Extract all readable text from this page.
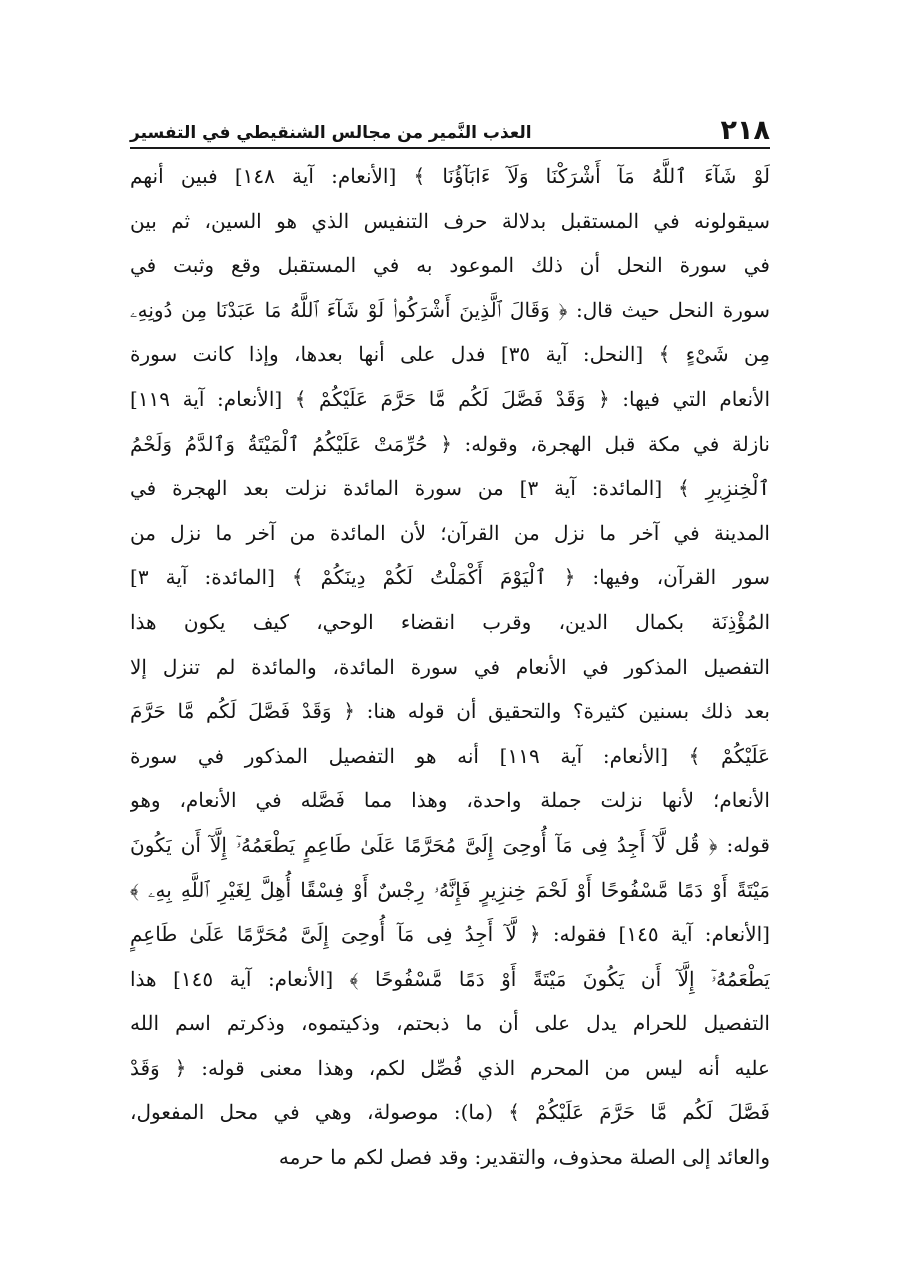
٢١٨
العذب النَّمير من مجالس الشنقيطي في التفسير
لَوْ شَآءَ ٱللَّهُ مَآ أَشْرَكْنَا وَلَآ ءَابَآؤُنَا ﴾ [الأنعام: آية ١٤٨] فبين أنهم
سيقولونه في المستقبل بدلالة حرف التنفيس الذي هو السين، ثم بين
في سورة النحل أن ذلك الموعود به في المستقبل وقع وثبت في
سورة النحل حيث قال: ﴿ وَقَالَ ٱلَّذِينَ أَشْرَكُوا۟ لَوْ شَآءَ ٱللَّهُ مَا عَبَدْنَا مِن دُونِهِۦ
مِن شَىْءٍ ﴾ [النحل: آية ٣٥] فدل على أنها بعدها، وإذا كانت سورة
الأنعام التي فيها: ﴿ وَقَدْ فَصَّلَ لَكُم مَّا حَرَّمَ عَلَيْكُمْ ﴾ [الأنعام: آية ١١٩]
نازلة في مكة قبل الهجرة، وقوله: ﴿ حُرِّمَتْ عَلَيْكُمُ ٱلْمَيْتَةُ وَٱلدَّمُ وَلَحْمُ
ٱلْخِنزِيرِ ﴾ [المائدة: آية ٣] من سورة المائدة نزلت بعد الهجرة في
المدينة في آخر ما نزل من القرآن؛ لأن المائدة من آخر ما نزل من
سور القرآن، وفيها: ﴿ ٱلْيَوْمَ أَكْمَلْتُ لَكُمْ دِينَكُمْ ﴾ [المائدة: آية ٣]
المُؤْذِنَة بكمال الدين، وقرب انقضاء الوحي، كيف يكون هذا
التفصيل المذكور في الأنعام في سورة المائدة، والمائدة لم تنزل إلا
بعد ذلك بسنين كثيرة؟ والتحقيق أن قوله هنا: ﴿ وَقَدْ فَصَّلَ لَكُم مَّا حَرَّمَ
عَلَيْكُمْ ﴾ [الأنعام: آية ١١٩] أنه هو التفصيل المذكور في سورة
الأنعام؛ لأنها نزلت جملة واحدة، وهذا مما فَصَّله في الأنعام، وهو
قوله: ﴿ قُل لَّآ أَجِدُ فِى مَآ أُوحِىَ إِلَىَّ مُحَرَّمًا عَلَىٰ طَاعِمٍ يَطْعَمُهُۥٓ إِلَّآ أَن يَكُونَ
مَيْتَةً أَوْ دَمًا مَّسْفُوحًا أَوْ لَحْمَ خِنزِيرٍ فَإِنَّهُۥ رِجْسٌ أَوْ فِسْقًا أُهِلَّ لِغَيْرِ ٱللَّهِ بِهِۦ ﴾
[الأنعام: آية ١٤٥] فقوله: ﴿ لَّآ أَجِدُ فِى مَآ أُوحِىَ إِلَىَّ مُحَرَّمًا عَلَىٰ طَاعِمٍ
يَطْعَمُهُۥٓ إِلَّآ أَن يَكُونَ مَيْتَةً أَوْ دَمًا مَّسْفُوحًا ﴾ [الأنعام: آية ١٤٥] هذا
التفصيل للحرام يدل على أن ما ذبحتم، وذكيتموه، وذكرتم اسم الله
عليه أنه ليس من المحرم الذي فُصِّل لكم، وهذا معنى قوله: ﴿ وَقَدْ
فَصَّلَ لَكُم مَّا حَرَّمَ عَلَيْكُمْ ﴾ (ما): موصولة، وهي في محل المفعول،
والعائد إلى الصلة محذوف، والتقدير: وقد فصل لكم ما حرمه
